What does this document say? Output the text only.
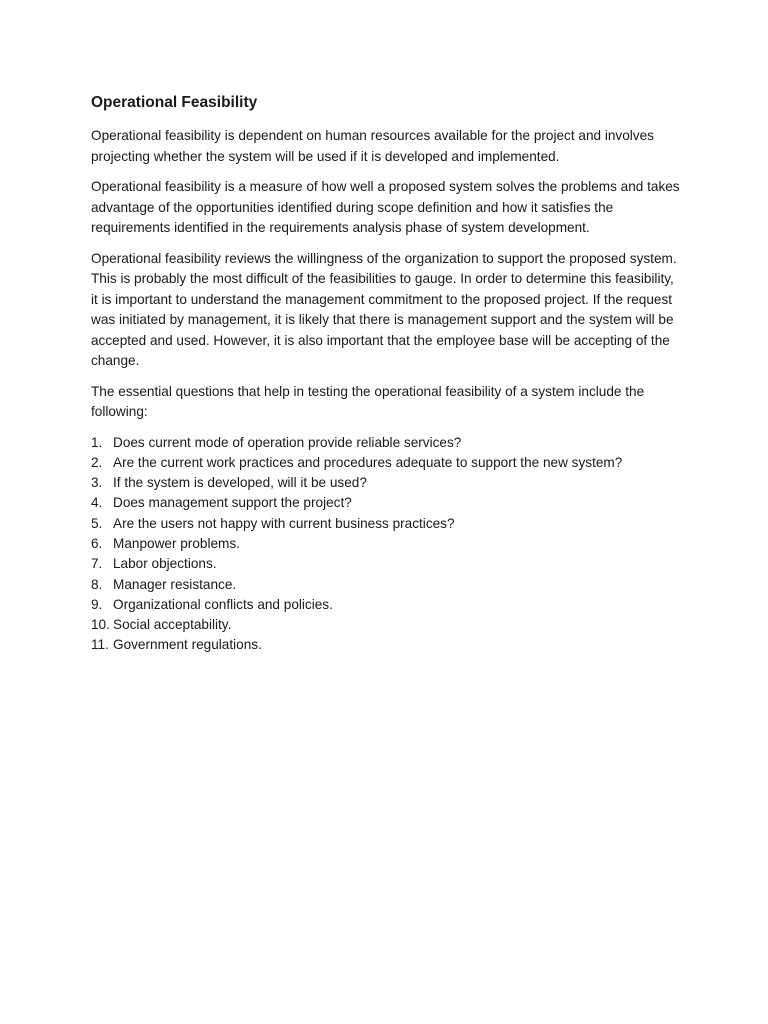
Operational Feasibility

Operational feasibility is dependent on human resources available for the project and involves projecting whether the system will be used if it is developed and implemented.

Operational feasibility is a measure of how well a proposed system solves the problems and takes advantage of the opportunities identified during scope definition and how it satisfies the requirements identified in the requirements analysis phase of system development.

Operational feasibility reviews the willingness of the organization to support the proposed system. This is probably the most difficult of the feasibilities to gauge. In order to determine this feasibility, it is important to understand the management commitment to the proposed project. If the request was initiated by management, it is likely that there is management support and the system will be accepted and used. However, it is also important that the employee base will be accepting of the change.

The essential questions that help in testing the operational feasibility of a system include the following:

1. Does current mode of operation provide reliable services?
2. Are the current work practices and procedures adequate to support the new system?
3. If the system is developed, will it be used?
4. Does management support the project?
5. Are the users not happy with current business practices?
6. Manpower problems.
7. Labor objections.
8. Manager resistance.
9. Organizational conflicts and policies.
10. Social acceptability.
11. Government regulations.
